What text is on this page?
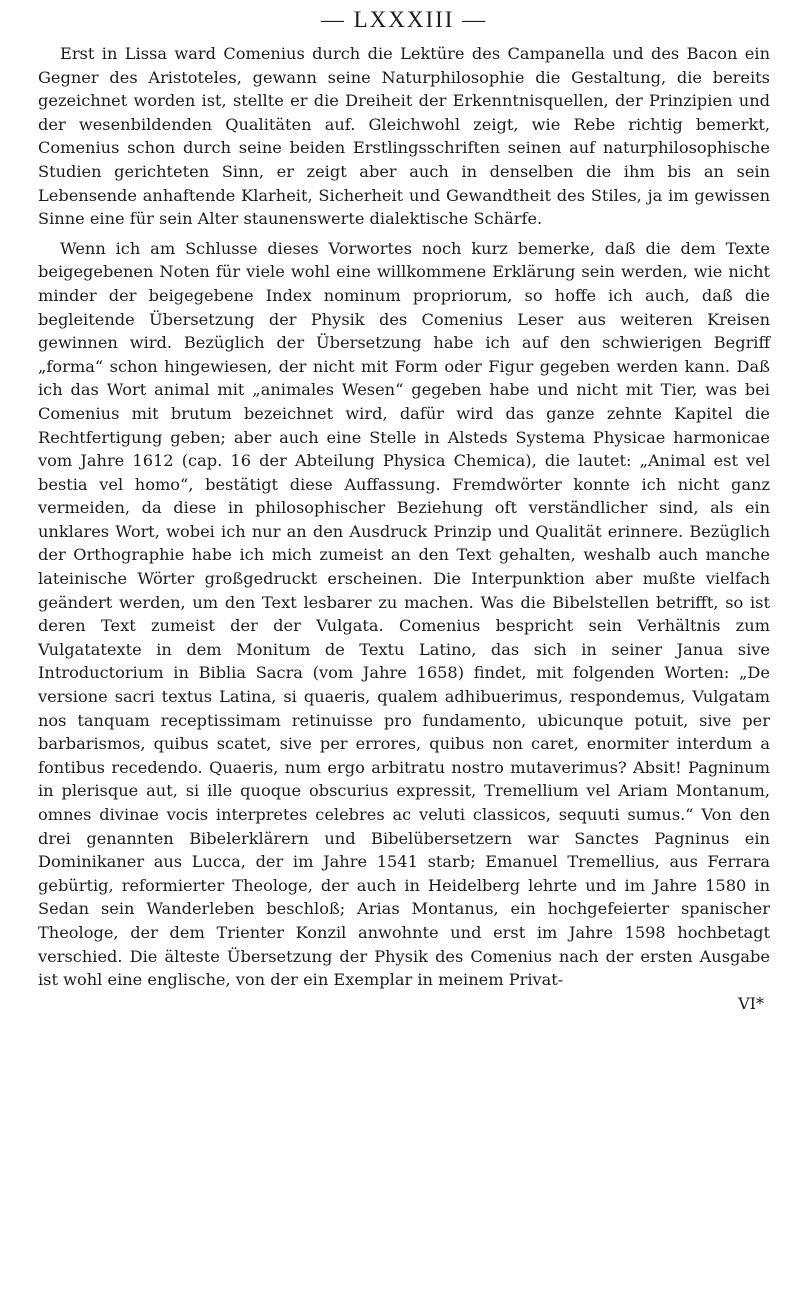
— LXXXIII —

Erst in Lissa ward Comenius durch die Lektüre des Campanella und des Bacon ein Gegner des Aristoteles, gewann seine Naturphilosophie die Gestaltung, die bereits gezeichnet worden ist, stellte er die Dreiheit der Erkenntnisquellen, der Prinzipien und der wesenbildenden Qualitäten auf. Gleichwohl zeigt, wie Rebe richtig bemerkt, Comenius schon durch seine beiden Erstlingsschriften seinen auf naturphilosophische Studien gerichteten Sinn, er zeigt aber auch in denselben die ihm bis an sein Lebensende anhaftende Klarheit, Sicherheit und Gewandtheit des Stiles, ja im gewissen Sinne eine für sein Alter staunenswerte dialektische Schärfe.

Wenn ich am Schlusse dieses Vorwortes noch kurz bemerke, daß die dem Texte beigegebenen Noten für viele wohl eine willkommene Erklärung sein werden, wie nicht minder der beigegebene Index nominum propriorum, so hoffe ich auch, daß die begleitende Übersetzung der Physik des Comenius Leser aus weiteren Kreisen gewinnen wird. Bezüglich der Übersetzung habe ich auf den schwierigen Begriff „forma“ schon hingewiesen, der nicht mit Form oder Figur gegeben werden kann. Daß ich das Wort animal mit „animales Wesen“ gegeben habe und nicht mit Tier, was bei Comenius mit brutum bezeichnet wird, dafür wird das ganze zehnte Kapitel die Rechtfertigung geben; aber auch eine Stelle in Alsteds Systema Physicae harmonicae vom Jahre 1612 (cap. 16 der Abteilung Physica Chemica), die lautet: „Animal est vel bestia vel homo“, bestätigt diese Auffassung. Fremdwörter konnte ich nicht ganz vermeiden, da diese in philosophischer Beziehung oft verständlicher sind, als ein unklares Wort, wobei ich nur an den Ausdruck Prinzip und Qualität erinnere. Bezüglich der Orthographie habe ich mich zumeist an den Text gehalten, weshalb auch manche lateinische Wörter großgedruckt erscheinen. Die Interpunktion aber mußte vielfach geändert werden, um den Text lesbarer zu machen. Was die Bibelstellen betrifft, so ist deren Text zumeist der der Vulgata. Comenius bespricht sein Verhältnis zum Vulgatatexte in dem Monitum de Textu Latino, das sich in seiner Janua sive Introductorium in Biblia Sacra (vom Jahre 1658) findet, mit folgenden Worten: „De versione sacri textus Latina, si quaeris, qualem adhibuerimus, respondemus, Vulgatam nos tanquam receptissimam retinuisse pro fundamento, ubicunque potuit, sive per barbarismos, quibus scatet, sive per errores, quibus non caret, enormiter interdum a fontibus recedendo. Quaeris, num ergo arbitratu nostro mutaverimus? Absit! Pagninum in plerisque aut, si ille quoque obscurius expressit, Tremellium vel Ariam Montanum, omnes divinae vocis interpretes celebres ac veluti classicos, sequuti sumus.“ Von den drei genannten Bibelerklärern und Bibelübersetzern war Sanctes Pagninus ein Dominikaner aus Lucca, der im Jahre 1541 starb; Emanuel Tremellius, aus Ferrara gebürtig, reformierter Theologe, der auch in Heidelberg lehrte und im Jahre 1580 in Sedan sein Wanderleben beschloß; Arias Montanus, ein hochgefeierter spanischer Theologe, der dem Trienter Konzil anwohnte und erst im Jahre 1598 hochbetagt verschied. Die älteste Übersetzung der Physik des Comenius nach der ersten Ausgabe ist wohl eine englische, von der ein Exemplar in meinem Privat-

VI*
